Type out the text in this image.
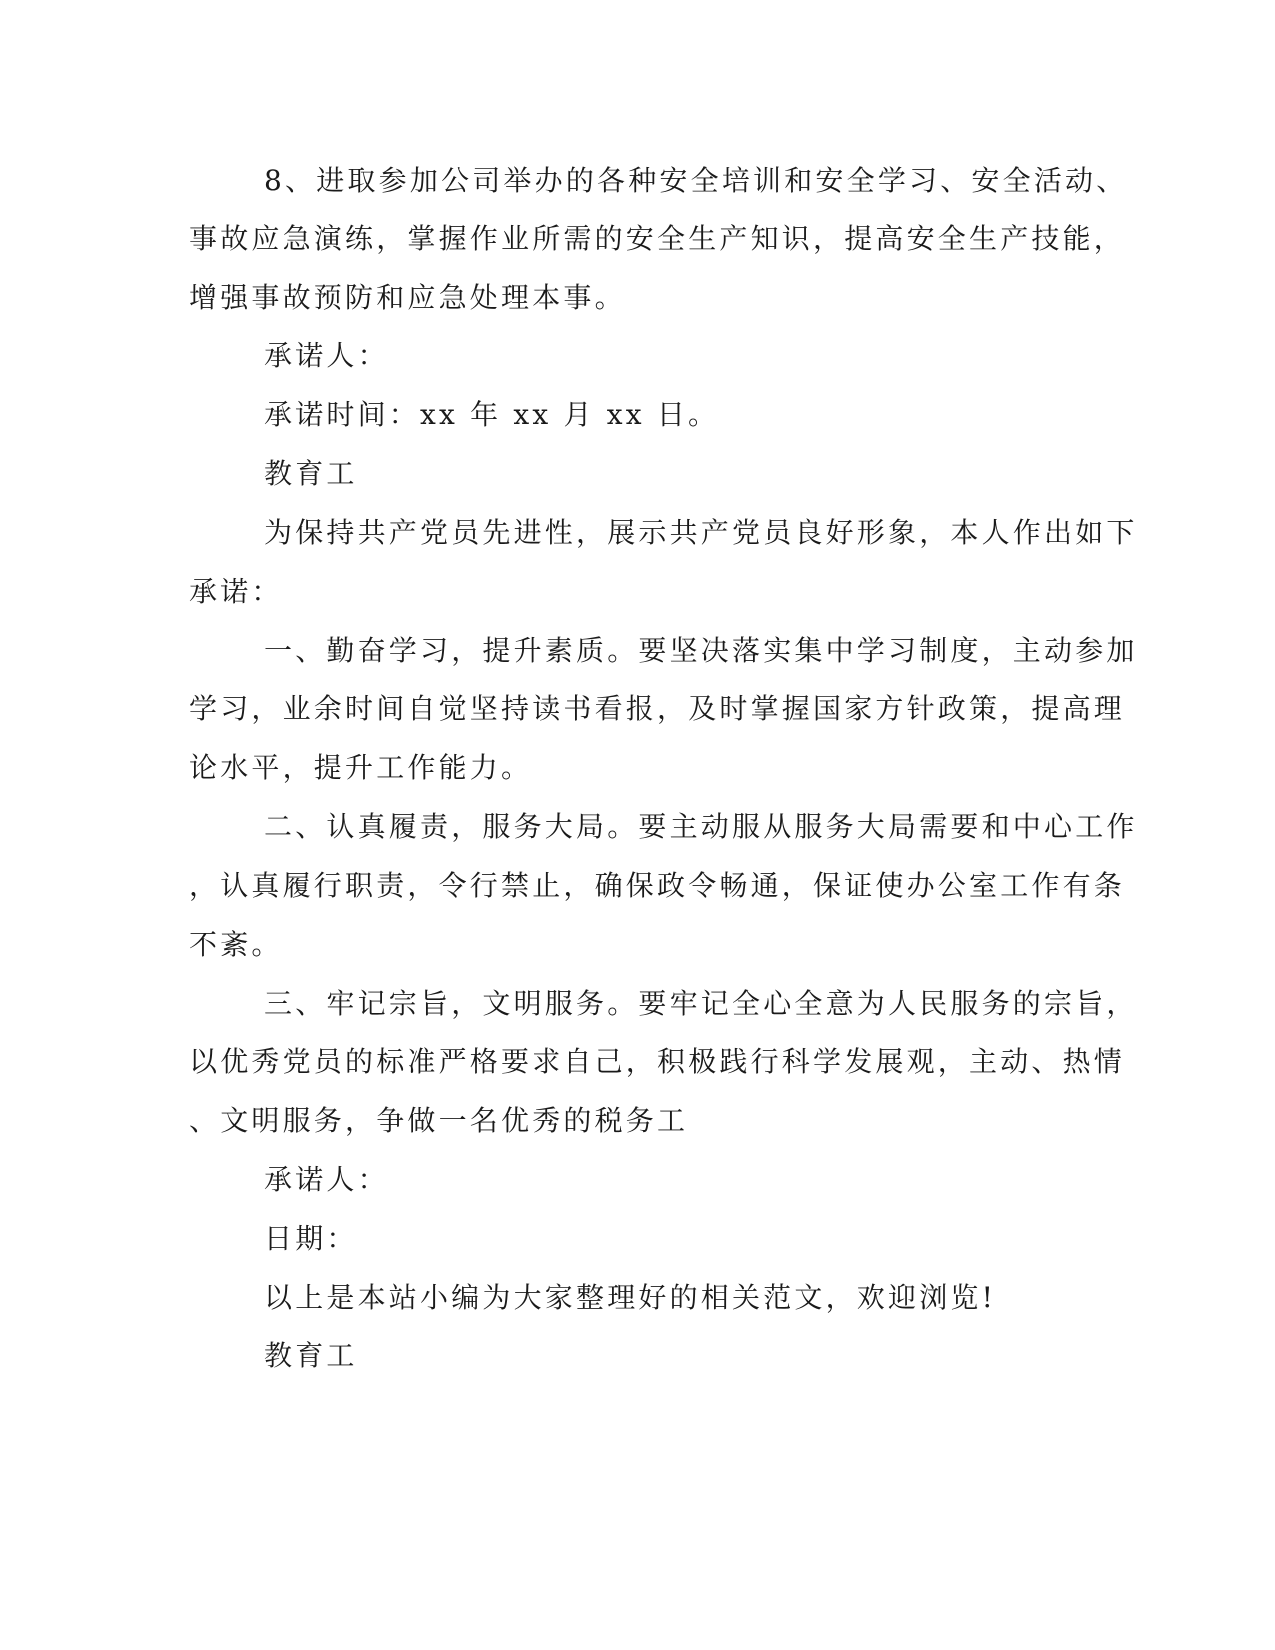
8、进取参加公司举办的各种安全培训和安全学习、安全活动、
事故应急演练，掌握作业所需的安全生产知识，提高安全生产技能，
增强事故预防和应急处理本事。
承诺人：
承诺时间：xx 年 xx 月 xx 日。
教育工
为保持共产党员先进性，展示共产党员良好形象，本人作出如下
承诺：
一、勤奋学习，提升素质。要坚决落实集中学习制度，主动参加
学习，业余时间自觉坚持读书看报，及时掌握国家方针政策，提高理
论水平，提升工作能力。
二、认真履责，服务大局。要主动服从服务大局需要和中心工作
，认真履行职责，令行禁止，确保政令畅通，保证使办公室工作有条
不紊。
三、牢记宗旨，文明服务。要牢记全心全意为人民服务的宗旨，
以优秀党员的标准严格要求自己，积极践行科学发展观，主动、热情
、文明服务，争做一名优秀的税务工
承诺人：
日期：
以上是本站小编为大家整理好的相关范文，欢迎浏览!
教育工
